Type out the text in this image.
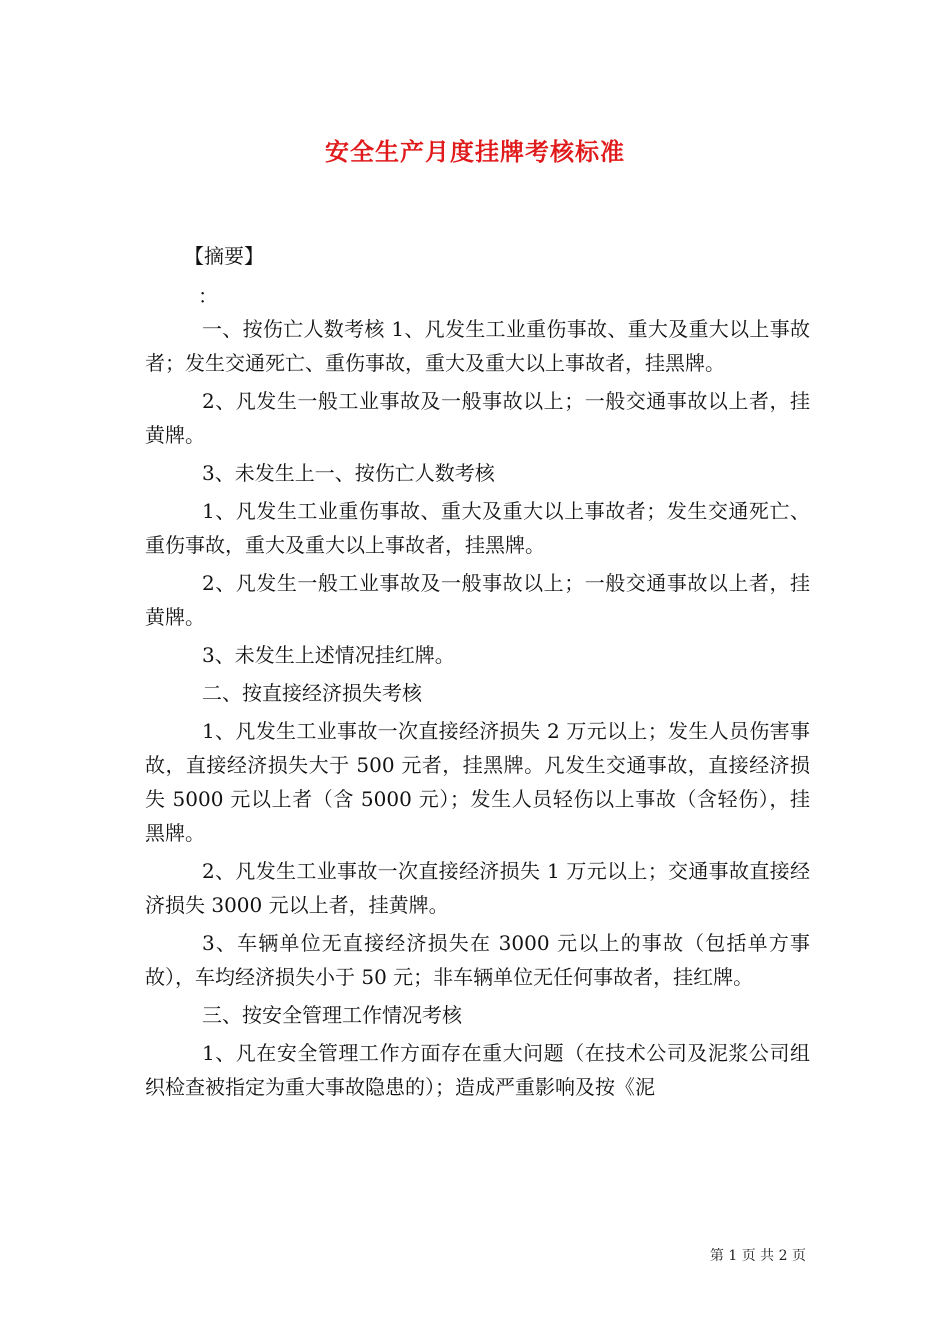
安全生产月度挂牌考核标准
【摘要】
：

一、按伤亡人数考核 1、凡发生工业重伤事故、重大及重大以上事故者；发生交通死亡、重伤事故，重大及重大以上事故者，挂黑牌。

2、凡发生一般工业事故及一般事故以上；一般交通事故以上者，挂黄牌。

3、未发生上一、按伤亡人数考核

1、凡发生工业重伤事故、重大及重大以上事故者；发生交通死亡、重伤事故，重大及重大以上事故者，挂黑牌。

2、凡发生一般工业事故及一般事故以上；一般交通事故以上者，挂黄牌。

3、未发生上述情况挂红牌。

二、按直接经济损失考核

1、凡发生工业事故一次直接经济损失 2 万元以上；发生人员伤害事故，直接经济损失大于 500 元者，挂黑牌。凡发生交通事故，直接经济损失 5000 元以上者（含 5000 元）；发生人员轻伤以上事故（含轻伤），挂黑牌。

2、凡发生工业事故一次直接经济损失 1 万元以上；交通事故直接经济损失 3000 元以上者，挂黄牌。

3、车辆单位无直接经济损失在 3000 元以上的事故（包括单方事故），车均经济损失小于 50 元；非车辆单位无任何事故者，挂红牌。

三、按安全管理工作情况考核

1、凡在安全管理工作方面存在重大问题（在技术公司及泥浆公司组织检查被指定为重大事故隐患的）；造成严重影响及按《泥

第 1 页 共 2 页
